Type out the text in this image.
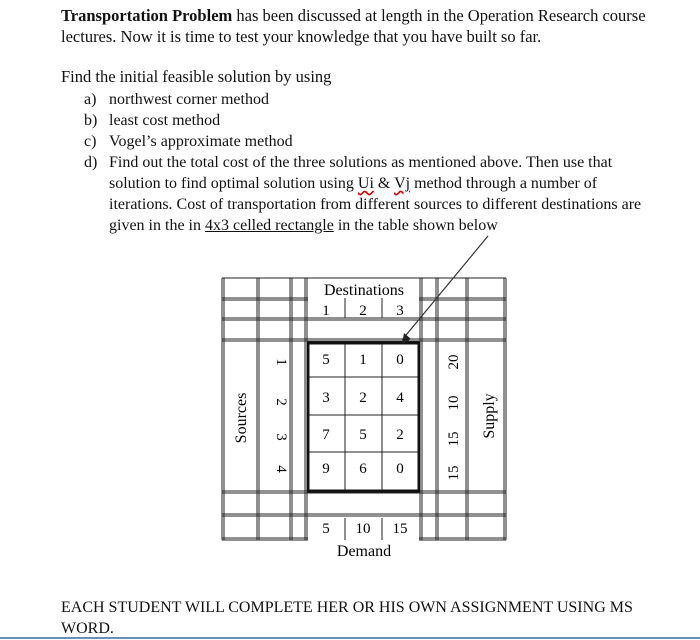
Transportation Problem has been discussed at length in the Operation Research course lectures. Now it is time to test your knowledge that you have built so far.

Find the initial feasible solution by using
a) northwest corner method
b) least cost method
c) Vogel’s approximate method
d) Find out the total cost of the three solutions as mentioned above. Then use that solution to find optimal solution using Ui & Vj method through a number of iterations. Cost of transportation from different sources to different destinations are given in the in 4x3 celled rectangle in the table shown below
Destinations
1 2 3
5 1 0
3 2 4
7 5 2
9 6 0
1
2
3
4
Sources
20
10
15
15
Supply
5 10 15
Demand
EACH STUDENT WILL COMPLETE HER OR HIS OWN ASSIGNMENT USING MS WORD.
